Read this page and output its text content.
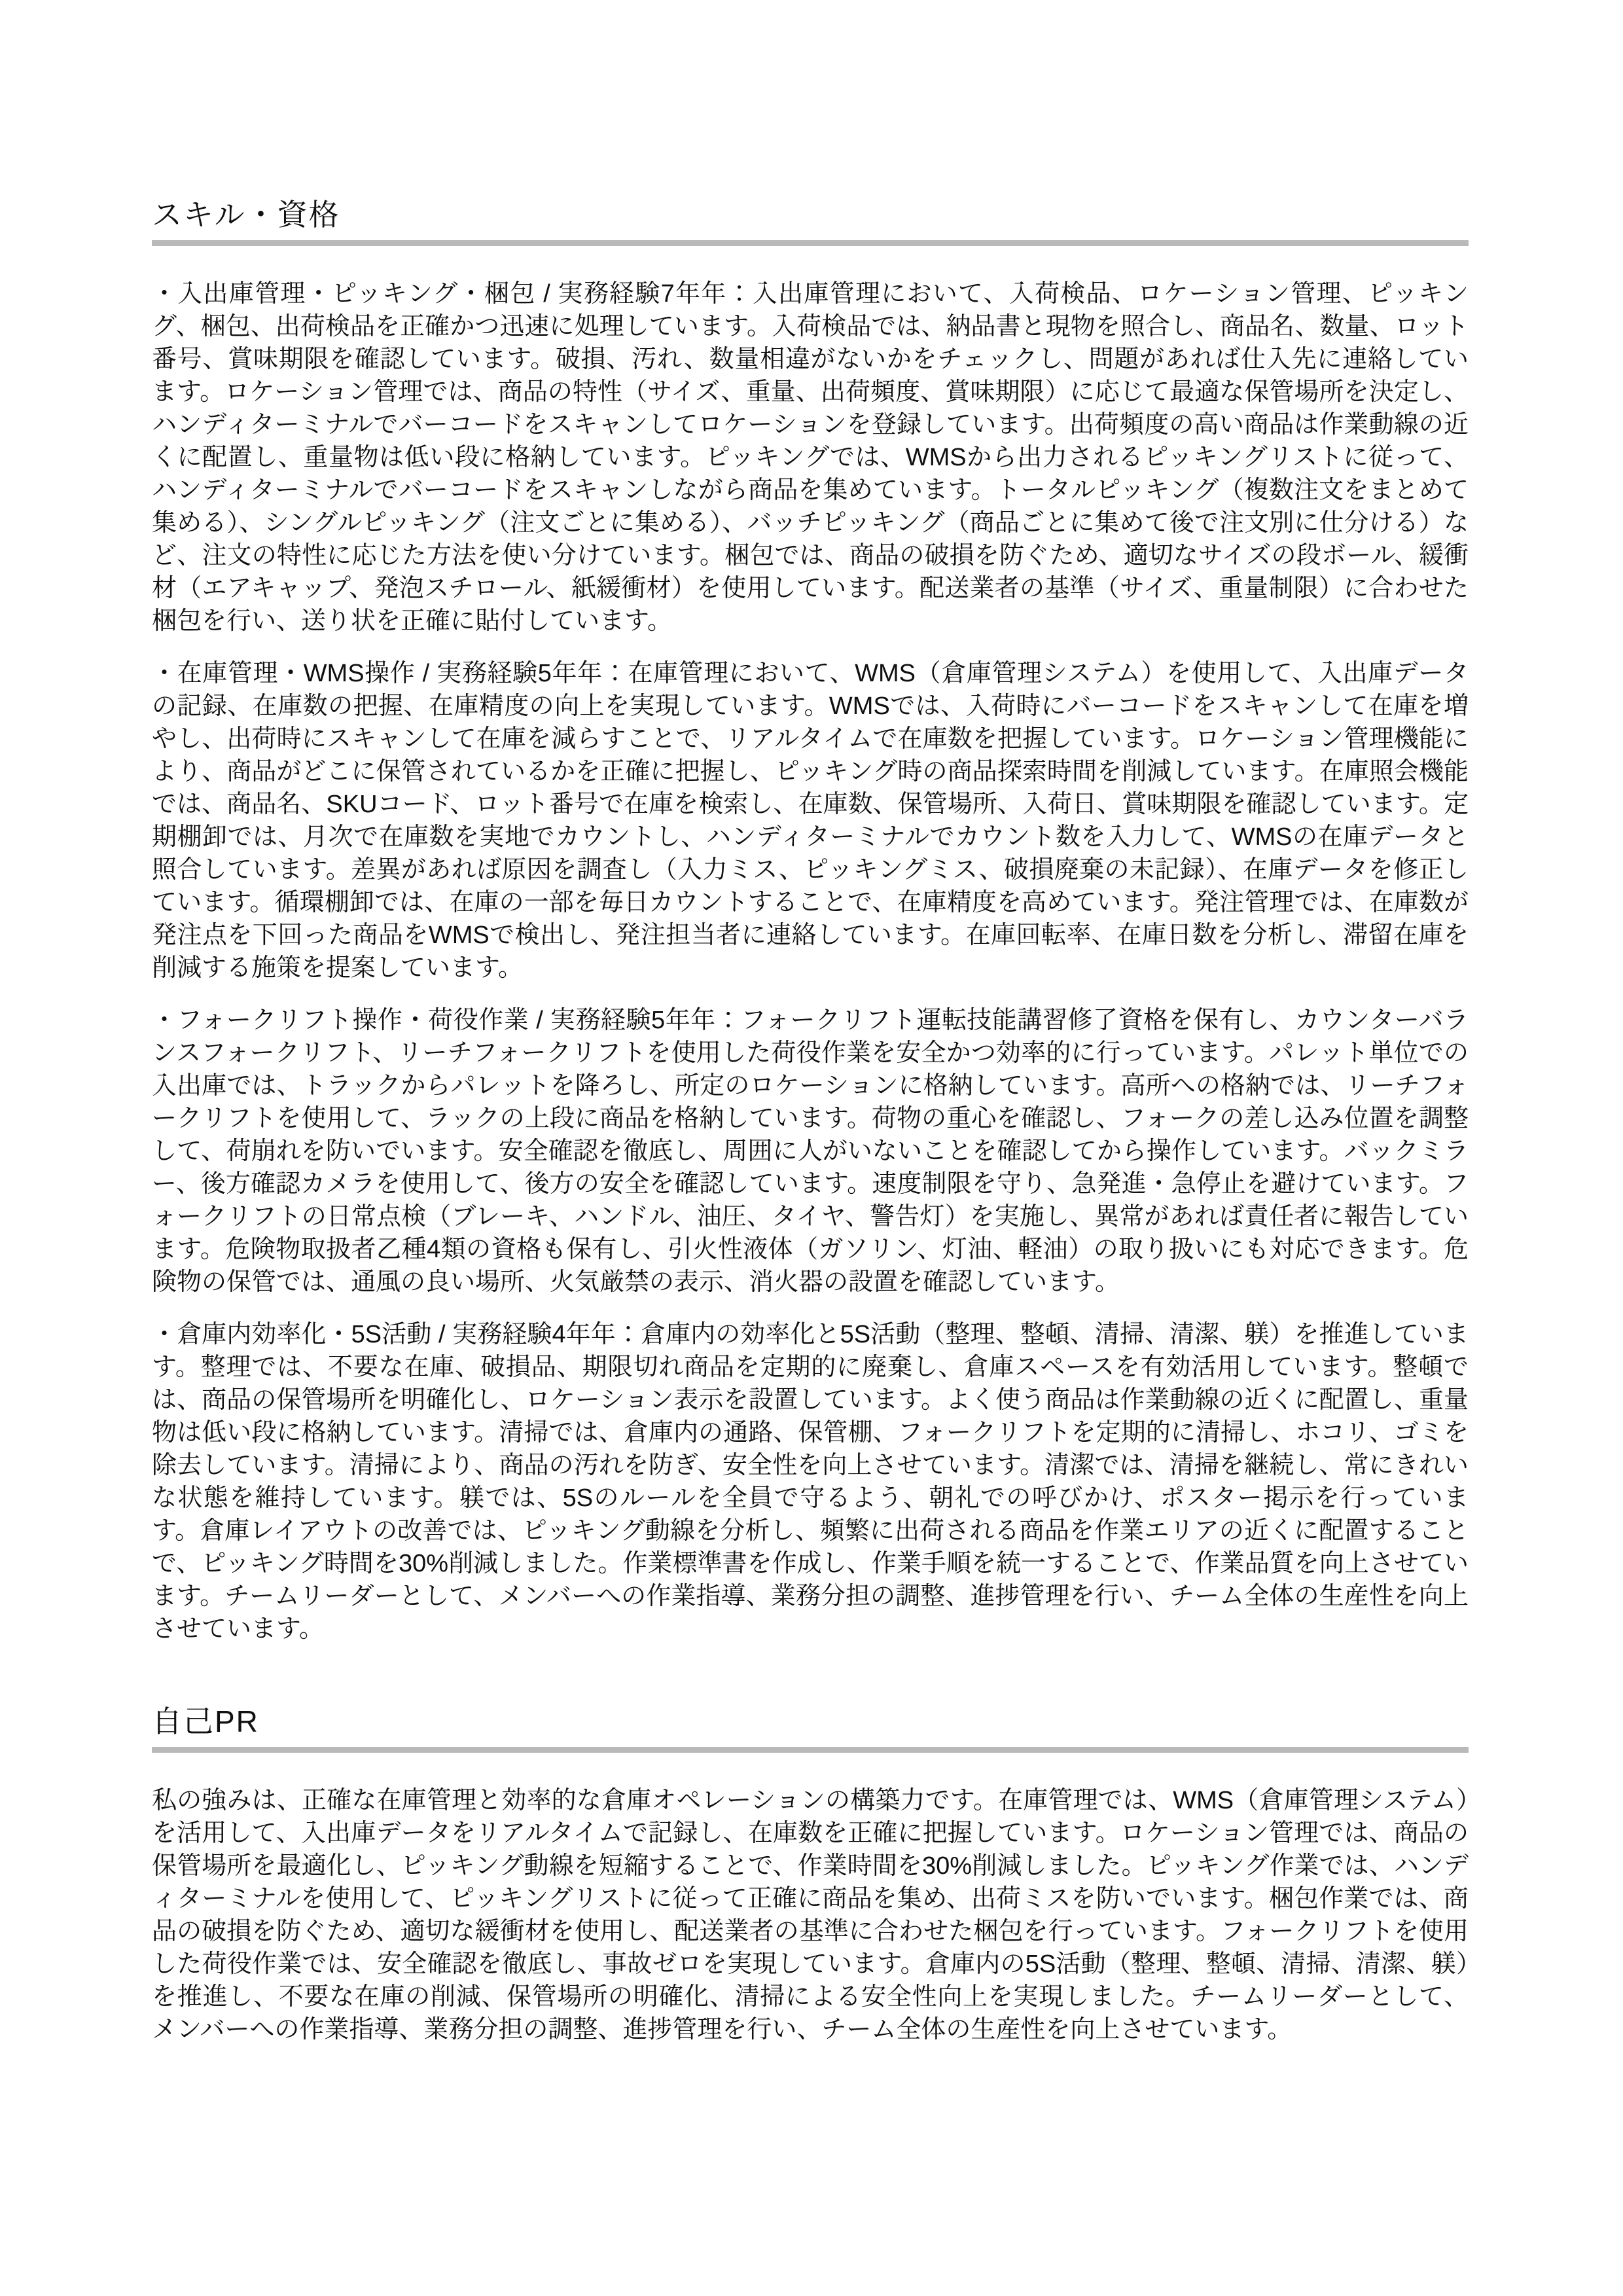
スキル・資格

・入出庫管理・ピッキング・梱包 / 実務経験7年年：入出庫管理において、入荷検品、ロケーション管理、ピッキング、梱包、出荷検品を正確かつ迅速に処理しています。入荷検品では、納品書と現物を照合し、商品名、数量、ロット番号、賞味期限を確認しています。破損、汚れ、数量相違がないかをチェックし、問題があれば仕入先に連絡しています。ロケーション管理では、商品の特性（サイズ、重量、出荷頻度、賞味期限）に応じて最適な保管場所を決定し、ハンディターミナルでバーコードをスキャンしてロケーションを登録しています。出荷頻度の高い商品は作業動線の近くに配置し、重量物は低い段に格納しています。ピッキングでは、WMSから出力されるピッキングリストに従って、ハンディターミナルでバーコードをスキャンしながら商品を集めています。トータルピッキング（複数注文をまとめて集める）、シングルピッキング（注文ごとに集める）、バッチピッキング（商品ごとに集めて後で注文別に仕分ける）など、注文の特性に応じた方法を使い分けています。梱包では、商品の破損を防ぐため、適切なサイズの段ボール、緩衝材（エアキャップ、発泡スチロール、紙緩衝材）を使用しています。配送業者の基準（サイズ、重量制限）に合わせた梱包を行い、送り状を正確に貼付しています。

・在庫管理・WMS操作 / 実務経験5年年：在庫管理において、WMS（倉庫管理システム）を使用して、入出庫データの記録、在庫数の把握、在庫精度の向上を実現しています。WMSでは、入荷時にバーコードをスキャンして在庫を増やし、出荷時にスキャンして在庫を減らすことで、リアルタイムで在庫数を把握しています。ロケーション管理機能により、商品がどこに保管されているかを正確に把握し、ピッキング時の商品探索時間を削減しています。在庫照会機能では、商品名、SKUコード、ロット番号で在庫を検索し、在庫数、保管場所、入荷日、賞味期限を確認しています。定期棚卸では、月次で在庫数を実地でカウントし、ハンディターミナルでカウント数を入力して、WMSの在庫データと照合しています。差異があれば原因を調査し（入力ミス、ピッキングミス、破損廃棄の未記録）、在庫データを修正しています。循環棚卸では、在庫の一部を毎日カウントすることで、在庫精度を高めています。発注管理では、在庫数が発注点を下回った商品をWMSで検出し、発注担当者に連絡しています。在庫回転率、在庫日数を分析し、滞留在庫を削減する施策を提案しています。

・フォークリフト操作・荷役作業 / 実務経験5年年：フォークリフト運転技能講習修了資格を保有し、カウンターバランスフォークリフト、リーチフォークリフトを使用した荷役作業を安全かつ効率的に行っています。パレット単位での入出庫では、トラックからパレットを降ろし、所定のロケーションに格納しています。高所への格納では、リーチフォークリフトを使用して、ラックの上段に商品を格納しています。荷物の重心を確認し、フォークの差し込み位置を調整して、荷崩れを防いでいます。安全確認を徹底し、周囲に人がいないことを確認してから操作しています。バックミラー、後方確認カメラを使用して、後方の安全を確認しています。速度制限を守り、急発進・急停止を避けています。フォークリフトの日常点検（ブレーキ、ハンドル、油圧、タイヤ、警告灯）を実施し、異常があれば責任者に報告しています。危険物取扱者乙種4類の資格も保有し、引火性液体（ガソリン、灯油、軽油）の取り扱いにも対応できます。危険物の保管では、通風の良い場所、火気厳禁の表示、消火器の設置を確認しています。

・倉庫内効率化・5S活動 / 実務経験4年年：倉庫内の効率化と5S活動（整理、整頓、清掃、清潔、躾）を推進しています。整理では、不要な在庫、破損品、期限切れ商品を定期的に廃棄し、倉庫スペースを有効活用しています。整頓では、商品の保管場所を明確化し、ロケーション表示を設置しています。よく使う商品は作業動線の近くに配置し、重量物は低い段に格納しています。清掃では、倉庫内の通路、保管棚、フォークリフトを定期的に清掃し、ホコリ、ゴミを除去しています。清掃により、商品の汚れを防ぎ、安全性を向上させています。清潔では、清掃を継続し、常にきれいな状態を維持しています。躾では、5Sのルールを全員で守るよう、朝礼での呼びかけ、ポスター掲示を行っています。倉庫レイアウトの改善では、ピッキング動線を分析し、頻繁に出荷される商品を作業エリアの近くに配置することで、ピッキング時間を30%削減しました。作業標準書を作成し、作業手順を統一することで、作業品質を向上させています。チームリーダーとして、メンバーへの作業指導、業務分担の調整、進捗管理を行い、チーム全体の生産性を向上させています。

自己PR

私の強みは、正確な在庫管理と効率的な倉庫オペレーションの構築力です。在庫管理では、WMS（倉庫管理システム）を活用して、入出庫データをリアルタイムで記録し、在庫数を正確に把握しています。ロケーション管理では、商品の保管場所を最適化し、ピッキング動線を短縮することで、作業時間を30%削減しました。ピッキング作業では、ハンディターミナルを使用して、ピッキングリストに従って正確に商品を集め、出荷ミスを防いでいます。梱包作業では、商品の破損を防ぐため、適切な緩衝材を使用し、配送業者の基準に合わせた梱包を行っています。フォークリフトを使用した荷役作業では、安全確認を徹底し、事故ゼロを実現しています。倉庫内の5S活動（整理、整頓、清掃、清潔、躾）を推進し、不要な在庫の削減、保管場所の明確化、清掃による安全性向上を実現しました。チームリーダーとして、メンバーへの作業指導、業務分担の調整、進捗管理を行い、チーム全体の生産性を向上させています。
